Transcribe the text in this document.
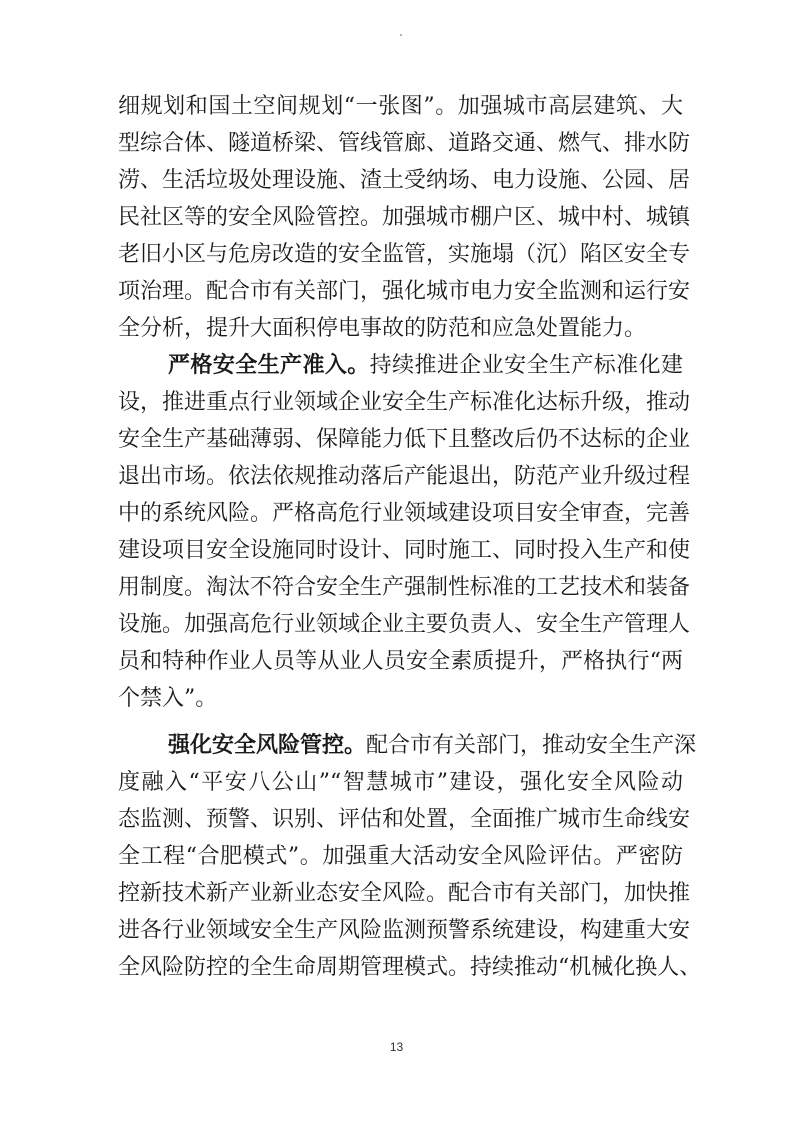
细规划和国土空间规划“一张图”。加强城市高层建筑、大
型综合体、隧道桥梁、管线管廊、道路交通、燃气、排水防
涝、生活垃圾处理设施、渣土受纳场、电力设施、公园、居
民社区等的安全风险管控。加强城市棚户区、城中村、城镇
老旧小区与危房改造的安全监管，实施塌（沉）陷区安全专
项治理。配合市有关部门，强化城市电力安全监测和运行安
全分析，提升大面积停电事故的防范和应急处置能力。
严格安全生产准入。持续推进企业安全生产标准化建
设，推进重点行业领域企业安全生产标准化达标升级，推动
安全生产基础薄弱、保障能力低下且整改后仍不达标的企业
退出市场。依法依规推动落后产能退出，防范产业升级过程
中的系统风险。严格高危行业领域建设项目安全审查，完善
建设项目安全设施同时设计、同时施工、同时投入生产和使
用制度。淘汰不符合安全生产强制性标准的工艺技术和装备
设施。加强高危行业领域企业主要负责人、安全生产管理人
员和特种作业人员等从业人员安全素质提升，严格执行“两
个禁入”。
强化安全风险管控。配合市有关部门，推动安全生产深
度融入“平安八公山”“智慧城市”建设，强化安全风险动
态监测、预警、识别、评估和处置，全面推广城市生命线安
全工程“合肥模式”。加强重大活动安全风险评估。严密防
控新技术新产业新业态安全风险。配合市有关部门，加快推
进各行业领域安全生产风险监测预警系统建设，构建重大安
全风险防控的全生命周期管理模式。持续推动“机械化换人、
13
